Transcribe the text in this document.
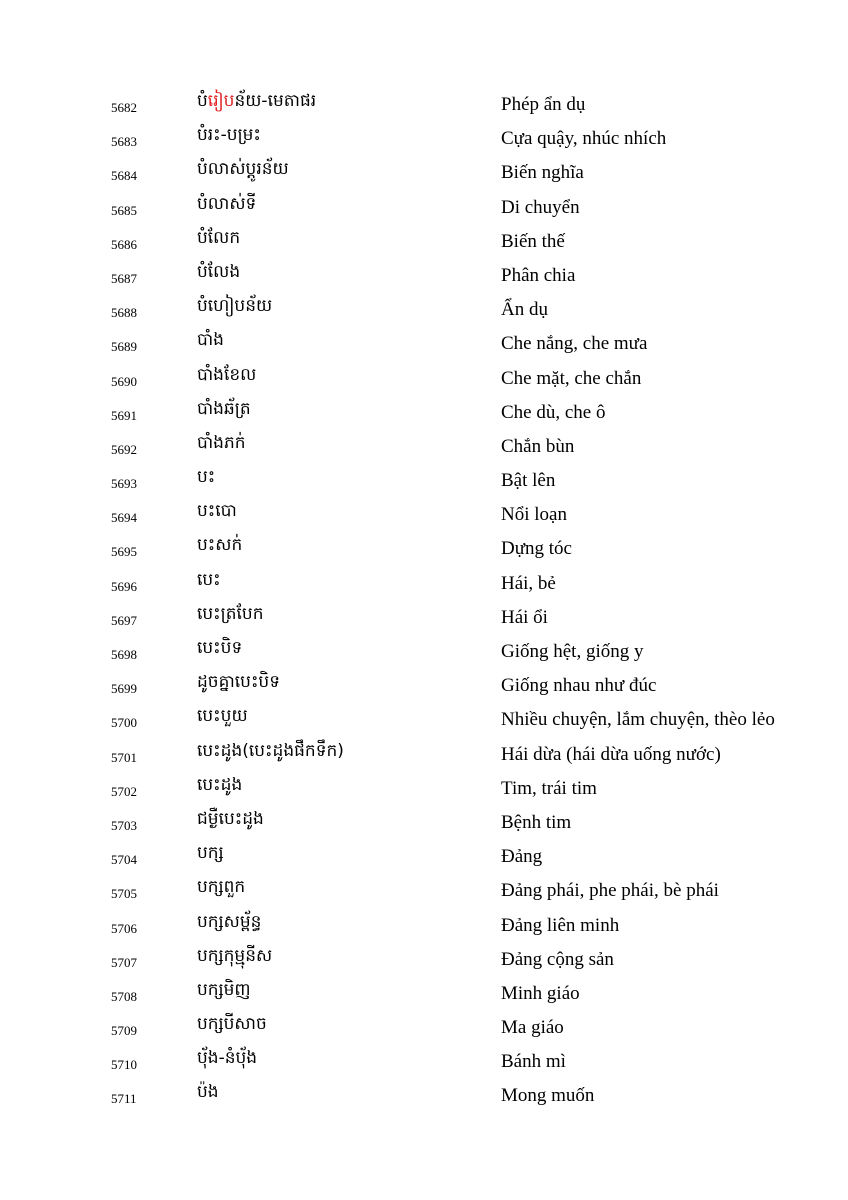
5682	បំរៀបន័យ-មេតាផរ	Phép ẩn dụ
5683	បំរះ-បម្រះ	Cựa quậy, nhúc nhích
5684	បំលាស់ប្តូរន័យ	Biến nghĩa
5685	បំលាស់ទី	Di chuyển
5686	បំលែក	Biến thế
5687	បំលែង	Phân chia
5688	បំហៀបន័យ	Ẩn dụ
5689	បាំង	Che nắng, che mưa
5690	បាំងខែល	Che mặt, che chắn
5691	បាំងឆ័ត្រ	Che dù, che ô
5692	បាំងភក់	Chắn bùn
5693	បះ	Bật lên
5694	បះបោ	Nổi loạn
5695	បះសក់	Dựng tóc
5696	បេះ	Hái, bẻ
5697	បេះត្របែក	Hái ổi
5698	បេះបិទ	Giống hệt, giống y
5699	ដូចគ្នាបេះបិទ	Giống nhau như đúc
5700	បេះបួយ	Nhiều chuyện, lắm chuyện, thèo lẻo
5701	បេះដូង(បេះដូងផឹកទឹក)	Hái dừa (hái dừa uống nước)
5702	បេះដូង	Tim, trái tim
5703	ជម្ងឺបេះដូង	Bệnh tim
5704	បក្ស	Đảng
5705	បក្សពួក	Đảng phái, phe phái, bè phái
5706	បក្សសម្ព័ន្ធ	Đảng liên minh
5707	បក្សកុម្មុនីស	Đảng cộng sản
5708	បក្សមិញ	Minh giáo
5709	បក្សបីសាច	Ma giáo
5710	ប៉័ង-នំប៉័ង	Bánh mì
5711	ប៉ង	Mong muốn
